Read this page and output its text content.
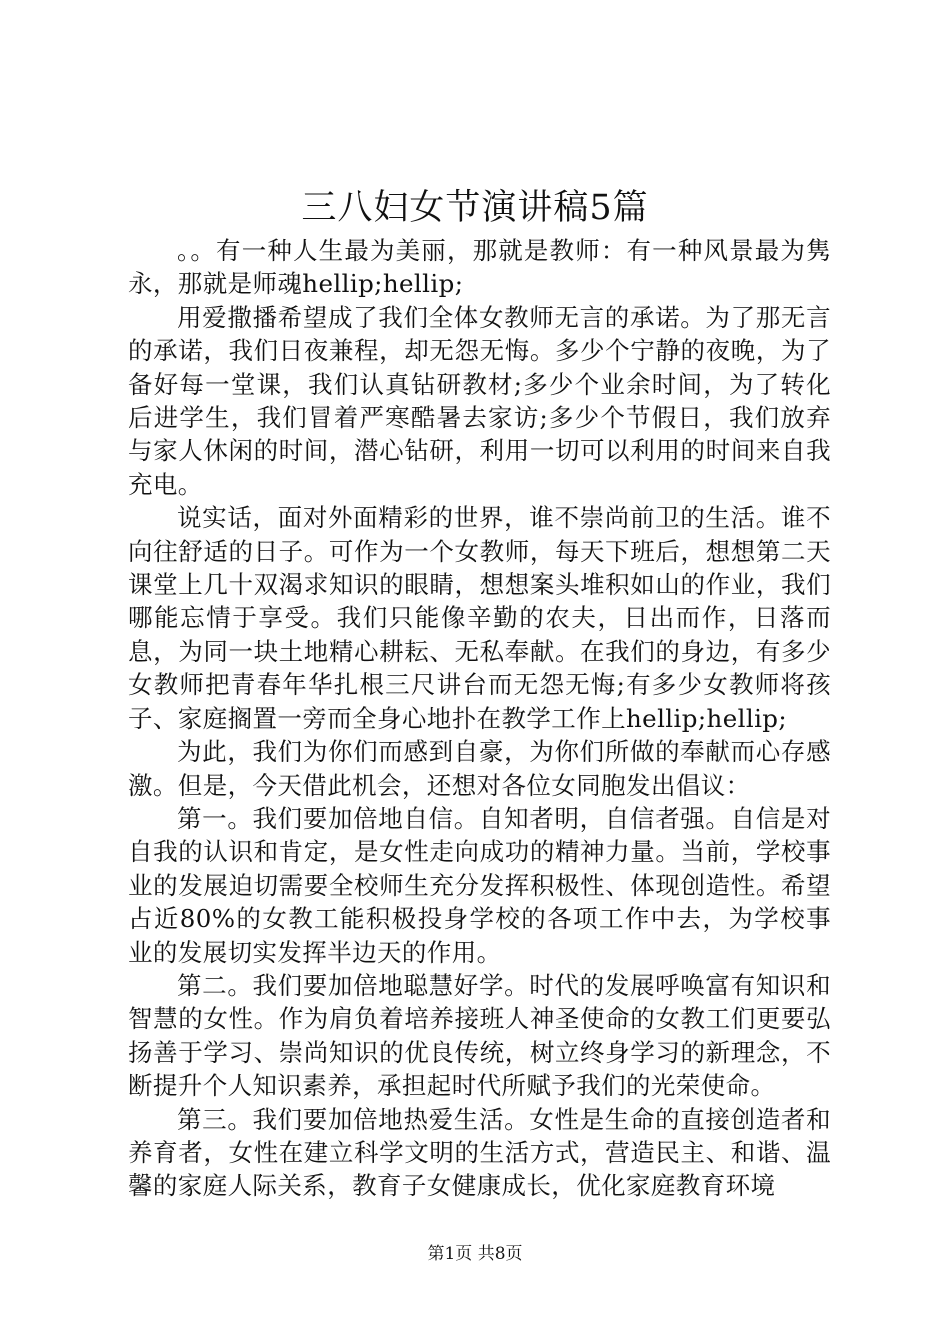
三八妇女节演讲稿5篇

。。有一种人生最为美丽，那就是教师：有一种风景最为隽永，那就是师魂hellip;hellip;

用爱撒播希望成了我们全体女教师无言的承诺。为了那无言的承诺，我们日夜兼程，却无怨无悔。多少个宁静的夜晚，为了备好每一堂课，我们认真钻研教材;多少个业余时间，为了转化后进学生，我们冒着严寒酷暑去家访;多少个节假日，我们放弃与家人休闲的时间，潜心钻研，利用一切可以利用的时间来自我充电。

说实话，面对外面精彩的世界，谁不崇尚前卫的生活。谁不向往舒适的日子。可作为一个女教师，每天下班后，想想第二天课堂上几十双渴求知识的眼睛，想想案头堆积如山的作业，我们哪能忘情于享受。我们只能像辛勤的农夫，日出而作，日落而息，为同一块土地精心耕耘、无私奉献。在我们的身边，有多少女教师把青春年华扎根三尺讲台而无怨无悔;有多少女教师将孩子、家庭搁置一旁而全身心地扑在教学工作上hellip;hellip;

为此，我们为你们而感到自豪，为你们所做的奉献而心存感激。但是，今天借此机会，还想对各位女同胞发出倡议：

第一。我们要加倍地自信。自知者明，自信者强。自信是对自我的认识和肯定，是女性走向成功的精神力量。当前，学校事业的发展迫切需要全校师生充分发挥积极性、体现创造性。希望占近80%的女教工能积极投身学校的各项工作中去，为学校事业的发展切实发挥半边天的作用。

第二。我们要加倍地聪慧好学。时代的发展呼唤富有知识和智慧的女性。作为肩负着培养接班人神圣使命的女教工们更要弘扬善于学习、崇尚知识的优良传统，树立终身学习的新理念，不断提升个人知识素养，承担起时代所赋予我们的光荣使命。

第三。我们要加倍地热爱生活。女性是生命的直接创造者和养育者，女性在建立科学文明的生活方式，营造民主、和谐、温馨的家庭人际关系，教育子女健康成长，优化家庭教育环境

第1页 共8页
